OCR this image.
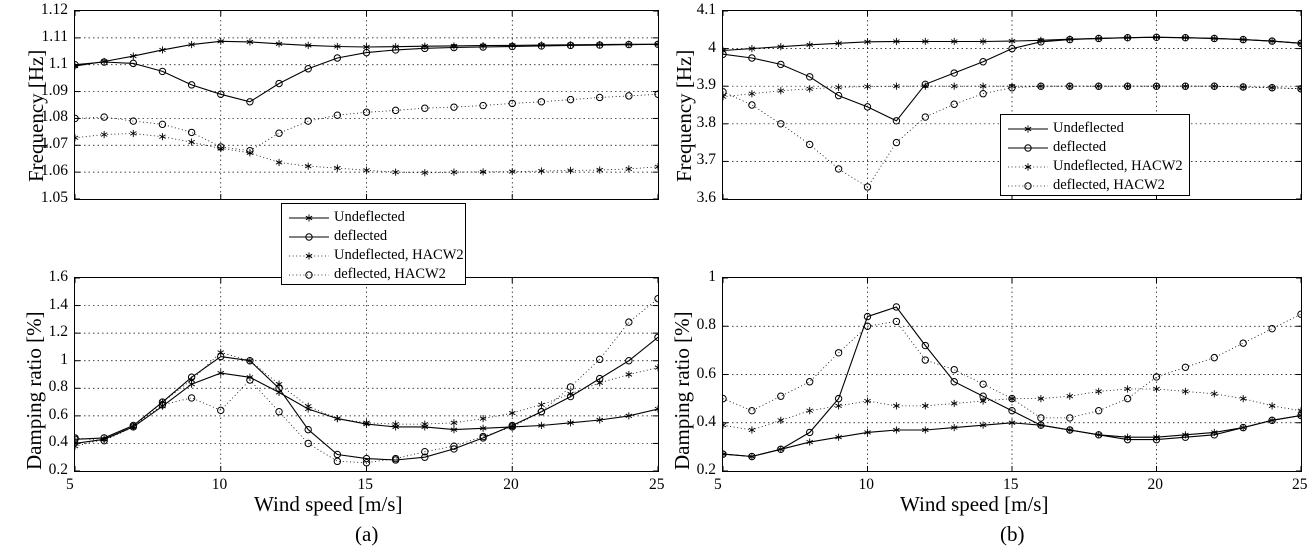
Frequency [Hz]
Damping ratio [%]
Wind speed [m/s]
(a)
Undeflected
deflected
Undeflected, HACW2
deflected, HACW2
1.05
1.06
1.07
1.08
1.09
1.1
1.11
1.12
0.2
0.4
0.6
0.8
1
1.2
1.4
1.6
5	10	15	20	25
Frequency [Hz]
Damping ratio [%]
Wind speed [m/s]
(b)
Undeflected
deflected
Undeflected, HACW2
deflected, HACW2
3.6
3.7
3.8
3.9
4
4.1
0.2
0.4
0.6
0.8
1
5	10	15	20	25
